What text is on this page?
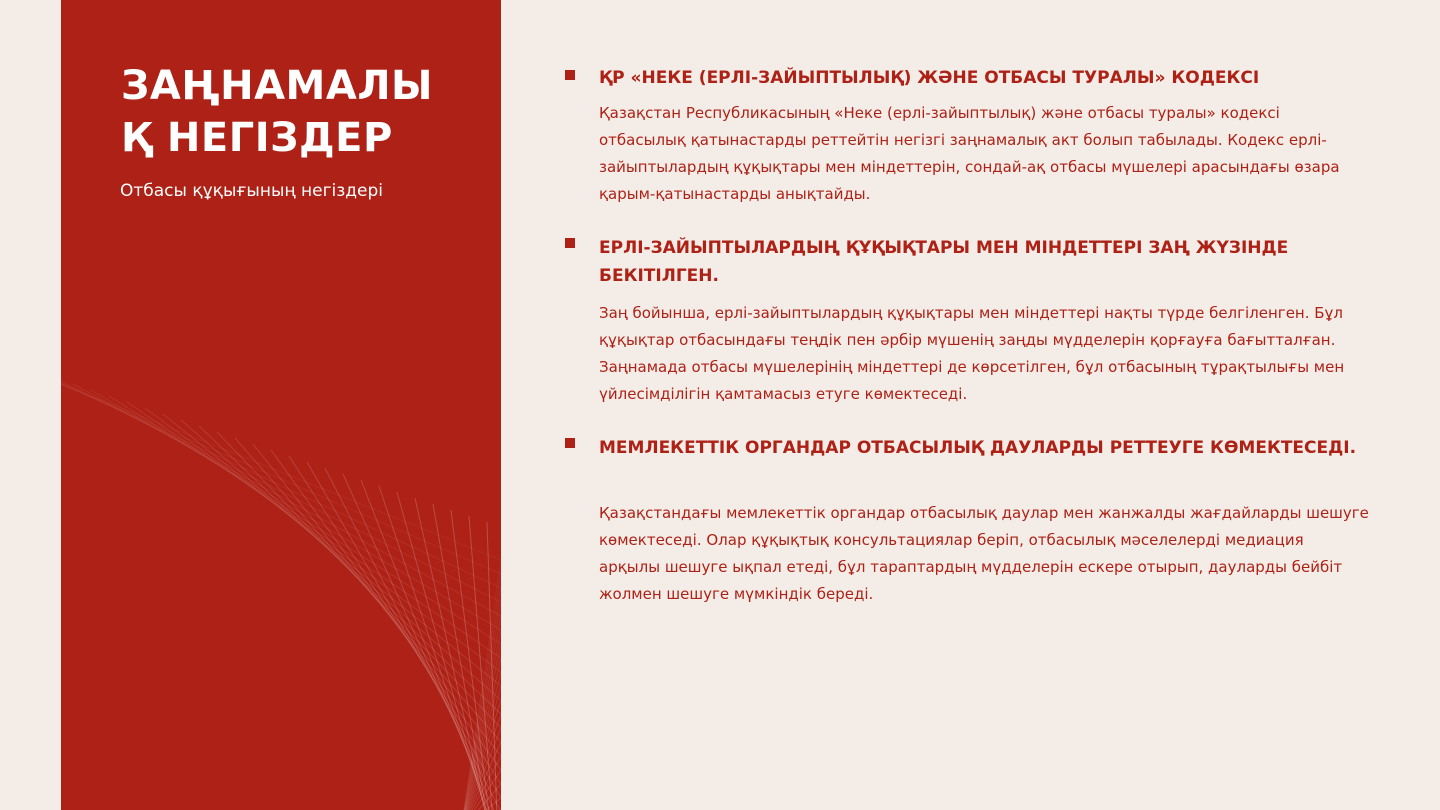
ЗАҢНАМАЛЫҚ НЕГІЗДЕР
Отбасы құқығының негіздері
ҚР «НЕКЕ (ЕРЛІ-ЗАЙЫПТЫЛЫҚ) ЖӘНЕ ОТБАСЫ ТУРАЛЫ» КОДЕКСІ

Қазақстан Республикасының «Неке (ерлі-зайыптылық) және отбасы туралы» кодексі отбасылық қатынастарды реттейтін негізгі заңнамалық акт болып табылады. Кодекс ерлі-зайыптылардың құқықтары мен міндеттерін, сондай-ақ отбасы мүшелері арасындағы өзара қарым-қатынастарды анықтайды.

ЕРЛІ-ЗАЙЫПТЫЛАРДЫҢ ҚҰҚЫҚТАРЫ МЕН МІНДЕТТЕРІ ЗАҢ ЖҮЗІНДЕ БЕКІТІЛГЕН.

Заң бойынша, ерлі-зайыптылардың құқықтары мен міндеттері нақты түрде белгіленген. Бұл құқықтар отбасындағы теңдік пен әрбір мүшенің заңды мүдделерін қорғауға бағытталған. Заңнамада отбасы мүшелерінің міндеттері де көрсетілген, бұл отбасының тұрақтылығы мен үйлесімділігін қамтамасыз етуге көмектеседі.

МЕМЛЕКЕТТІК ОРГАНДАР ОТБАСЫЛЫҚ ДАУЛАРДЫ РЕТТЕУГЕ КӨМЕКТЕСЕДІ.

Қазақстандағы мемлекеттік органдар отбасылық даулар мен жанжалды жағдайларды шешуге көмектеседі. Олар құқықтық консультациялар беріп, отбасылық мәселелерді медиация арқылы шешуге ықпал етеді, бұл тараптардың мүдделерін ескере отырып, дауларды бейбіт жолмен шешуге мүмкіндік береді.
